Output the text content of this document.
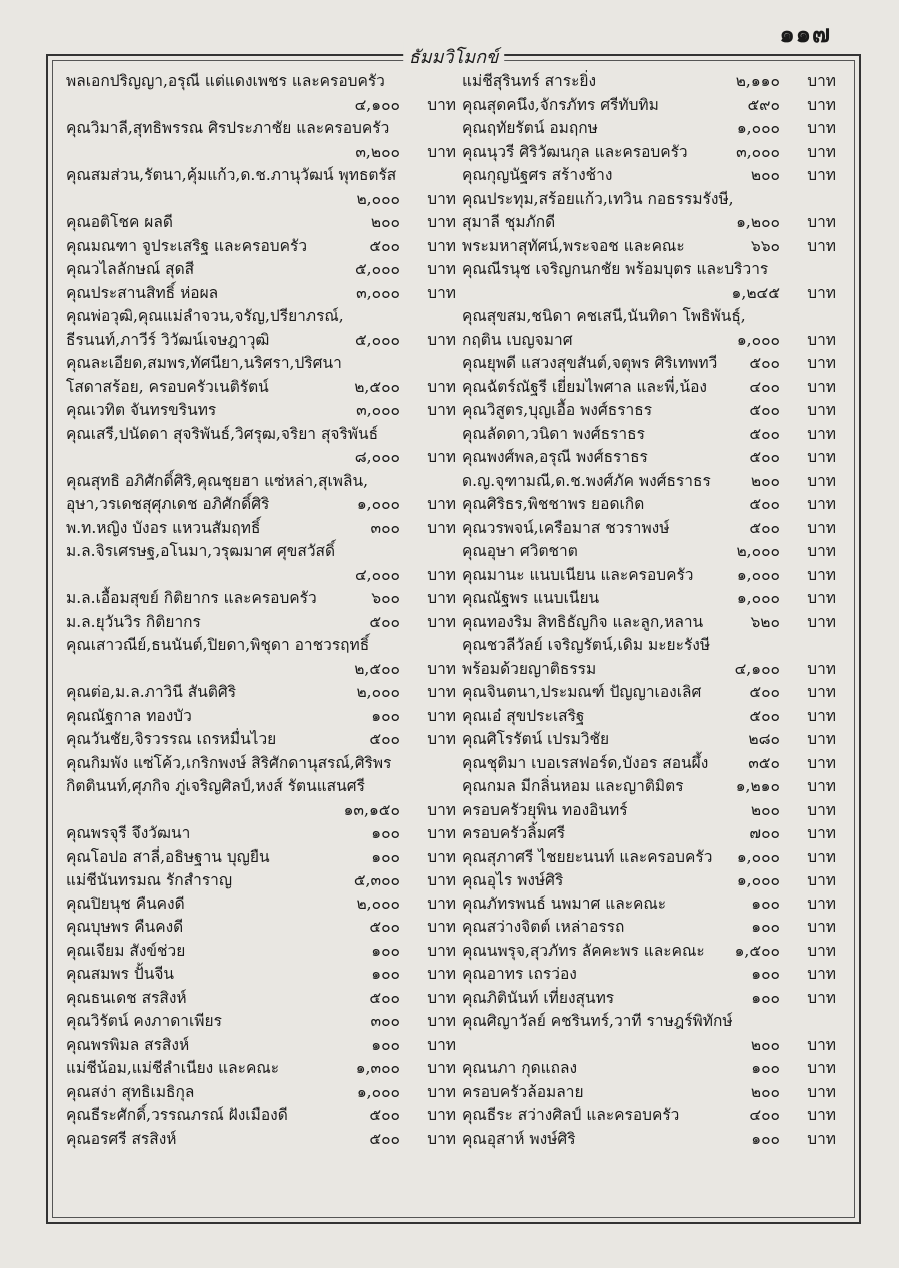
๑๑๗
ธัมมวิโมกข์
พลเอกปริญญา,อรุณี แต่แดงเพชร และครอบครัว
๔,๑๐๐ บาท
คุณวิมาลี,สุทธิพรรณ ศิรประภาชัย และครอบครัว
๓,๒๐๐ บาท
คุณสมส่วน,รัตนา,คุ้มแก้ว,ด.ช.ภานุวัฒน์ พุทธตรัส
๒,๐๐๐ บาท
คุณอติโชค ผลดี	๒๐๐ บาท
คุณมณฑา จูประเสริฐ และครอบครัว	๕๐๐ บาท
คุณวไลลักษณ์ สุดสี	๕,๐๐๐ บาท
คุณประสานสิทธิ์ ห่อผล	๓,๐๐๐ บาท
คุณพ่อวุฒิ,คุณแม่ลำจวน,จรัญ,ปรียาภรณ์,
ธีรนนท์,ภาวีร์ วิวัฒน์เจษฎาวุฒิ	๕,๐๐๐ บาท
คุณละเอียด,สมพร,ทัศนียา,นริศรา,ปริศนา
โสดาสร้อย, ครอบครัวเนติรัตน์	๒,๕๐๐ บาท
คุณเวทิต จันทรขรินทร	๓,๐๐๐ บาท
คุณเสรี,ปนัดดา สุจริพันธ์,วิศรุฒ,จริยา สุจริพันธ์
๘,๐๐๐ บาท
คุณสุทธิ อภิศักดิ์ศิริ,คุณชุยฮา แซ่หล่า,สุเพลิน,
อุษา,วรเดชสุศุภเดช อภิศักดิ์ศิริ	๑,๐๐๐ บาท
พ.ท.หญิง บังอร แหวนสัมฤทธิ์	๓๐๐ บาท
ม.ล.จิรเศรษฐ,อโนมา,วรุฒมาศ ศุขสวัสดิ์
๔,๐๐๐ บาท
ม.ล.เอื้อมสุขย์ กิติยากร และครอบครัว	๖๐๐ บาท
ม.ล.ยุวันวิร กิติยากร	๕๐๐ บาท
คุณเสาวณีย์,ธนนันต์,ปิยดา,พิชุดา อาชวรฤทธิ์
๒,๕๐๐ บาท
คุณต่อ,ม.ล.ภาวินี สันติศิริ	๒,๐๐๐ บาท
คุณณัฐกาล ทองบัว	๑๐๐ บาท
คุณวันชัย,จิรวรรณ เถรหมื่นไวย	๕๐๐ บาท
คุณกิมพัง แซ่โค้ว,เกริกพงษ์ สิริศักดานุสรณ์,ศิริพร
กิตตินนท์,ศุภกิจ ภู่เจริญศิลป์,หงส์ รัตนแสนศรี
๑๓,๑๕๐ บาท
คุณพรจุรี จึงวัฒนา	๑๐๐ บาท
คุณโอปอ สาลี่,อธิษฐาน บุญยืน	๑๐๐ บาท
แม่ชีนันทรมณ รักสำราญ	๕,๓๐๐ บาท
คุณปิยนุช คืนคงดี	๒,๐๐๐ บาท
คุณบุษพร คืนคงดี	๕๐๐ บาท
คุณเจียม สังข์ช่วย	๑๐๐ บาท
คุณสมพร ปั้นจีน	๑๐๐ บาท
คุณธนเดช สรสิงห์	๕๐๐ บาท
คุณวิรัตน์ คงภาดาเพียร	๓๐๐ บาท
คุณพรพิมล สรสิงห์	๑๐๐ บาท
แม่ชีน้อม,แม่ชีลำเนียง และคณะ	๑,๓๐๐ บาท
คุณสง่า สุทธิเมธิกุล	๑,๐๐๐ บาท
คุณธีระศักดิ์,วรรณภรณ์ ฝังเมืองดี	๕๐๐ บาท
คุณอรศรี สรสิงห์	๕๐๐ บาท
แม่ชีสุรินทร์ สาระยิ่ง	๒,๑๑๐ บาท
คุณสุดคนึง,จักรภัทร ศรีทับทิม	๕๙๐ บาท
คุณฤทัยรัตน์ อมฤกษ	๑,๐๐๐ บาท
คุณนุวรี ศิริวัฒนกุล และครอบครัว	๓,๐๐๐ บาท
คุณกุญนัฐศร สร้างช้าง	๒๐๐ บาท
คุณประทุม,สร้อยแก้ว,เทวิน กอธรรมรังษี,
สุมาลี ชุมภักดี	๑,๒๐๐ บาท
พระมหาสุทัศน์,พระจอช และคณะ	๖๖๐ บาท
คุณณีรนุช เจริญกนกชัย พร้อมบุตร และบริวาร
๑,๒๔๕ บาท
คุณสุขสม,ชนิดา คชเสนี,นันทิดา โพธิพันธุ์,
กฤติน เบญจมาศ	๑,๐๐๐ บาท
คุณยุพดี แสวงสุขสันต์,จตุพร ศิริเทพทวี ๕๐๐ บาท
คุณฉัตร์ณัฐรี เยี่ยมไพศาล และพี่,น้อง	๔๐๐ บาท
คุณวิสูตร,บุญเอื้อ พงศ์ธราธร	๕๐๐ บาท
คุณลัดดา,วนิดา พงศ์ธราธร	๕๐๐ บาท
คุณพงศ์พล,อรุณี พงศ์ธราธร	๕๐๐ บาท
ด.ญ.จุฑามณี,ด.ช.พงศ์ภัค พงศ์ธราธร	๒๐๐ บาท
คุณศิริธร,พิชชาพร ยอดเกิด	๕๐๐ บาท
คุณวรพจน์,เครือมาส ชวราพงษ์	๕๐๐ บาท
คุณอุษา ศวิตชาต	๒,๐๐๐ บาท
คุณมานะ แนบเนียน และครอบครัว	๑,๐๐๐ บาท
คุณณัฐพร แนบเนียน	๑,๐๐๐ บาท
คุณทองริม สิทธิธัญกิจ และลูก,หลาน	๖๒๐ บาท
คุณชวลีวัลย์ เจริญรัตน์,เดิม มะยะรังษี
พร้อมด้วยญาติธรรม	๔,๑๐๐ บาท
คุณจินตนา,ประมณฑ์ ปัญญาเองเลิศ	๕๐๐ บาท
คุณเอ๋ สุขประเสริฐ	๕๐๐ บาท
คุณศิโรรัตน์ เปรมวิชัย	๒๘๐ บาท
คุณชุติมา เบอเรสฟอร์ด,บังอร สอนผึ้ง	๓๕๐ บาท
คุณกมล มีกลิ่นหอม และญาติมิตร	๑,๒๑๐ บาท
ครอบครัวยุพิน ทองอินทร์	๒๐๐ บาท
ครอบครัวลิ้มศรี	๗๐๐ บาท
คุณสุภาศรี ไชยยะนนท์ และครอบครัว ๑,๐๐๐ บาท
คุณอุไร พงษ์ศิริ	๑,๐๐๐ บาท
คุณภัทรพนธ์ นพมาศ และคณะ	๑๐๐ บาท
คุณสว่างจิตต์ เหล่าอรรถ	๑๐๐ บาท
คุณนพรุจ,สุวภัทร ลัคคะพร และคณะ ๑,๕๐๐ บาท
คุณอาทร เถรว่อง	๑๐๐ บาท
คุณภิตินันท์ เที่ยงสุนทร	๑๐๐ บาท
คุณศิญาวัลย์ คชรินทร์,วาที ราษฎร์พิทักษ์
๒๐๐ บาท
คุณนภา กุดแถลง	๑๐๐ บาท
ครอบครัวล้อมลาย	๒๐๐ บาท
คุณธีระ สว่างศิลป์ และครอบครัว	๔๐๐ บาท
คุณอุสาห์ พงษ์ศิริ	๑๐๐ บาท
